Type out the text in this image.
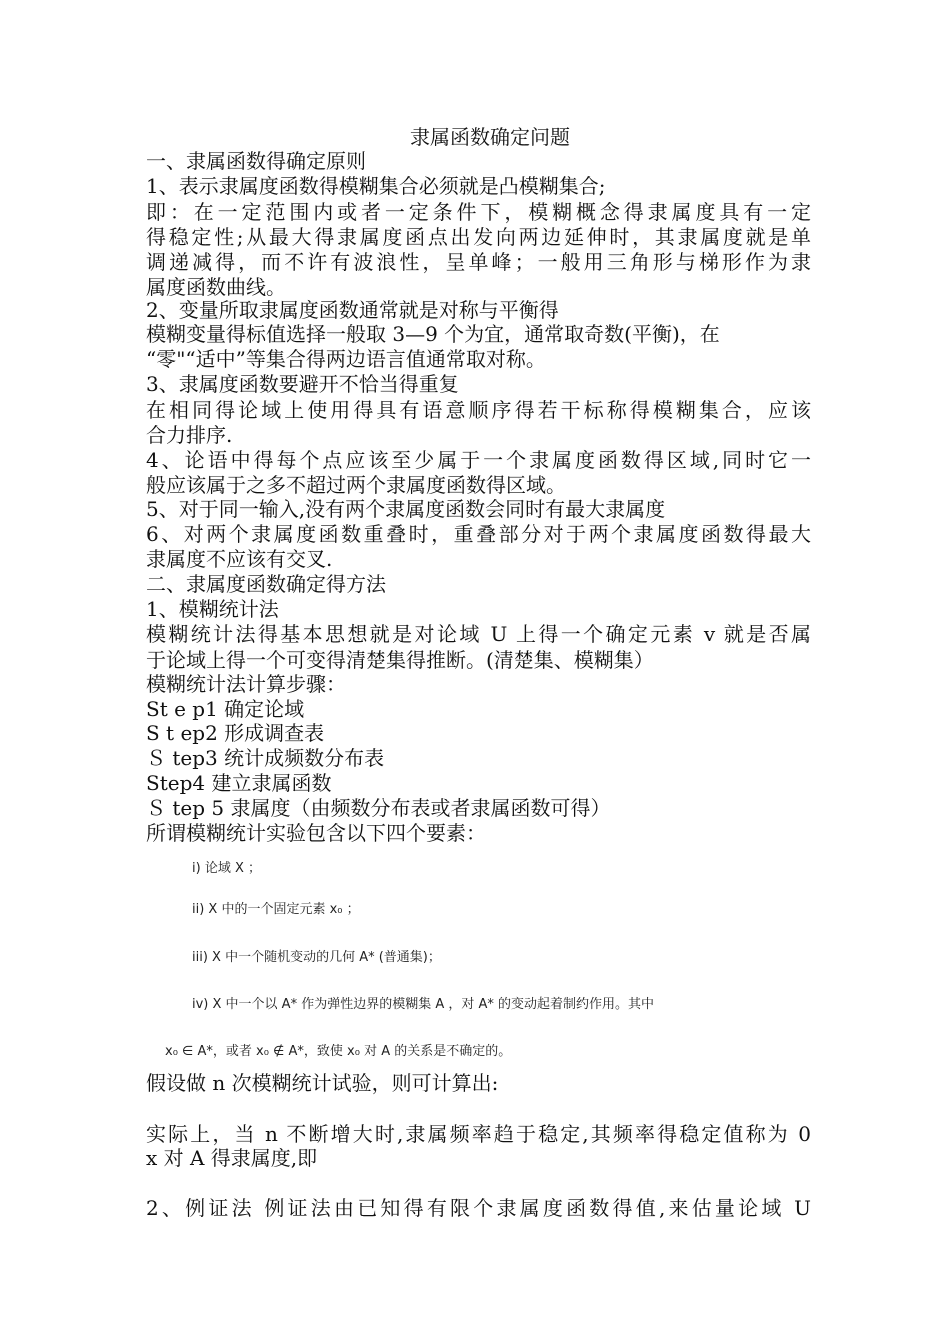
隶属函数确定问题
一、隶属函数得确定原则
1、表示隶属度函数得模糊集合必须就是凸模糊集合;
即：在一定范围内或者一定条件下，模糊概念得隶属度具有一定
得稳定性;从最大得隶属度函点出发向两边延伸时，其隶属度就是单
调递减得，而不许有波浪性，呈单峰；一般用三角形与梯形作为隶
属度函数曲线。
2、变量所取隶属度函数通常就是对称与平衡得
模糊变量得标值选择一般取 3—9 个为宜，通常取奇数(平衡)，在
“零"“适中”等集合得两边语言值通常取对称。
3、隶属度函数要避开不恰当得重复
在相同得论域上使用得具有语意顺序得若干标称得模糊集合，应该
合力排序.
4、论语中得每个点应该至少属于一个隶属度函数得区域,同时它一
般应该属于之多不超过两个隶属度函数得区域。
5、对于同一输入,没有两个隶属度函数会同时有最大隶属度
6、对两个隶属度函数重叠时，重叠部分对于两个隶属度函数得最大
隶属度不应该有交叉.
二、隶属度函数确定得方法
1、模糊统计法
模糊统计法得基本思想就是对论域 U 上得一个确定元素 v 就是否属
于论域上得一个可变得清楚集得推断。(清楚集、模糊集）
模糊统计法计算步骤：
St e p1 确定论域
S t ep2 形成调查表
Ｓ tep3 统计成频数分布表
Step4 建立隶属函数
Ｓ tep 5 隶属度（由频数分布表或者隶属函数可得）
所谓模糊统计实验包含以下四个要素：
i) 论域 X ；
ii) X 中的一个固定元素 x₀ ；
iii) X 中一个随机变动的几何 A* (普通集)；
iv) X 中一个以 A* 作为弹性边界的模糊集 A ，对 A* 的变动起着制约作用。其中
x₀ ∈ A*，或者 x₀ ∉ A*，致使 x₀ 对 A 的关系是不确定的。
假设做 n 次模糊统计试验，则可计算出:
实际上，当 n 不断增大时,隶属频率趋于稳定,其频率得稳定值称为 0
x 对 A 得隶属度,即
2、例证法 例证法由已知得有限个隶属度函数得值,来估量论域 U
